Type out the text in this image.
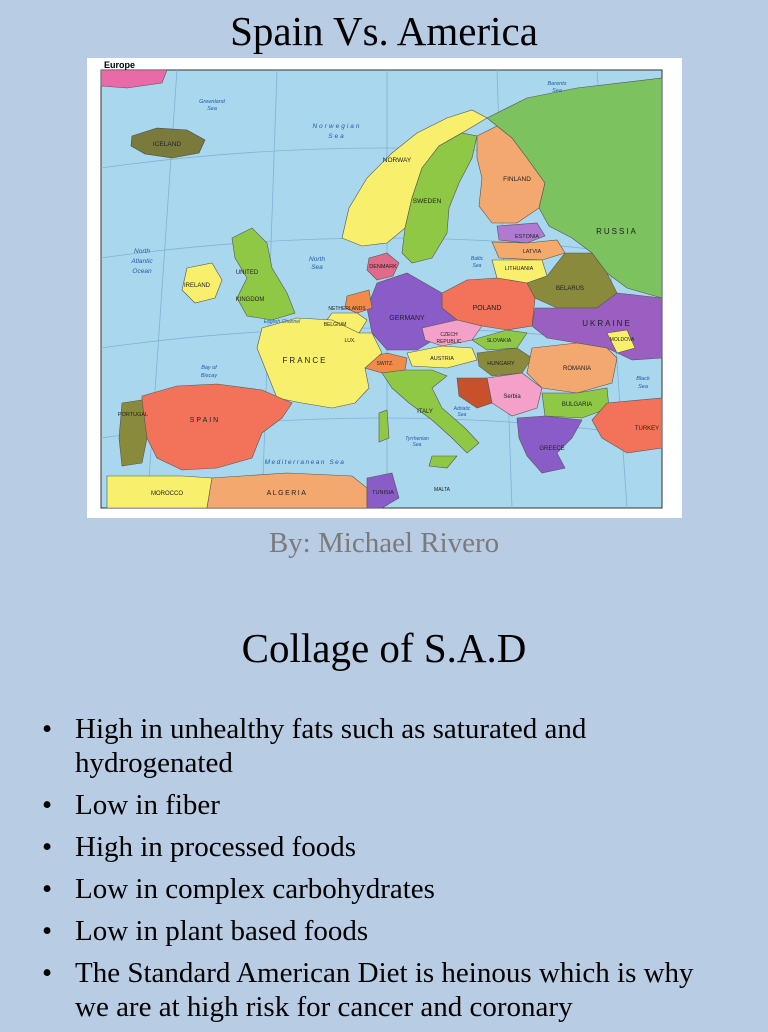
Spain Vs. America
Europe
ICELAND
NORWAY
SWEDEN
FINLAND
RUSSIA
ESTONIA
LATVIA
LITHUANIA
BELARUS
IRELAND
UNITED
KINGDOM
DENMARK
NETHERLANDS
BELGIUM
LUX.
GERMANY
POLAND
CZECH
REPUBLIC	SLOVAKIA
UKRAINE
MOLDOVA
FRANCE	SWITZ.
AUSTRIA
HUNGARY
ROMANIA
Serbia
BULGARIA
ITALY
SPAIN
PORTUGAL
GREECE
TURKEY
MOROCCO	ALGERIA	TUNISIA	MALTA
Norwegian
Sea
North
Atlantic
Ocean
North
Sea
Bay of
Biscay
Mediterranean Sea
Black
Sea
Greenland
Sea
Barents
Sea
Baltic
Sea
English Channel
Adriatic
Sea
Tyrrhenian
Sea
By: Michael Rivero
Collage of S.A.D
• High in unhealthy fats such as saturated and hydrogenated
• Low in fiber
• High in processed foods
• Low in complex carbohydrates
• Low in plant based foods
• The Standard American Diet is heinous which is why we are at high risk for cancer and coronary
